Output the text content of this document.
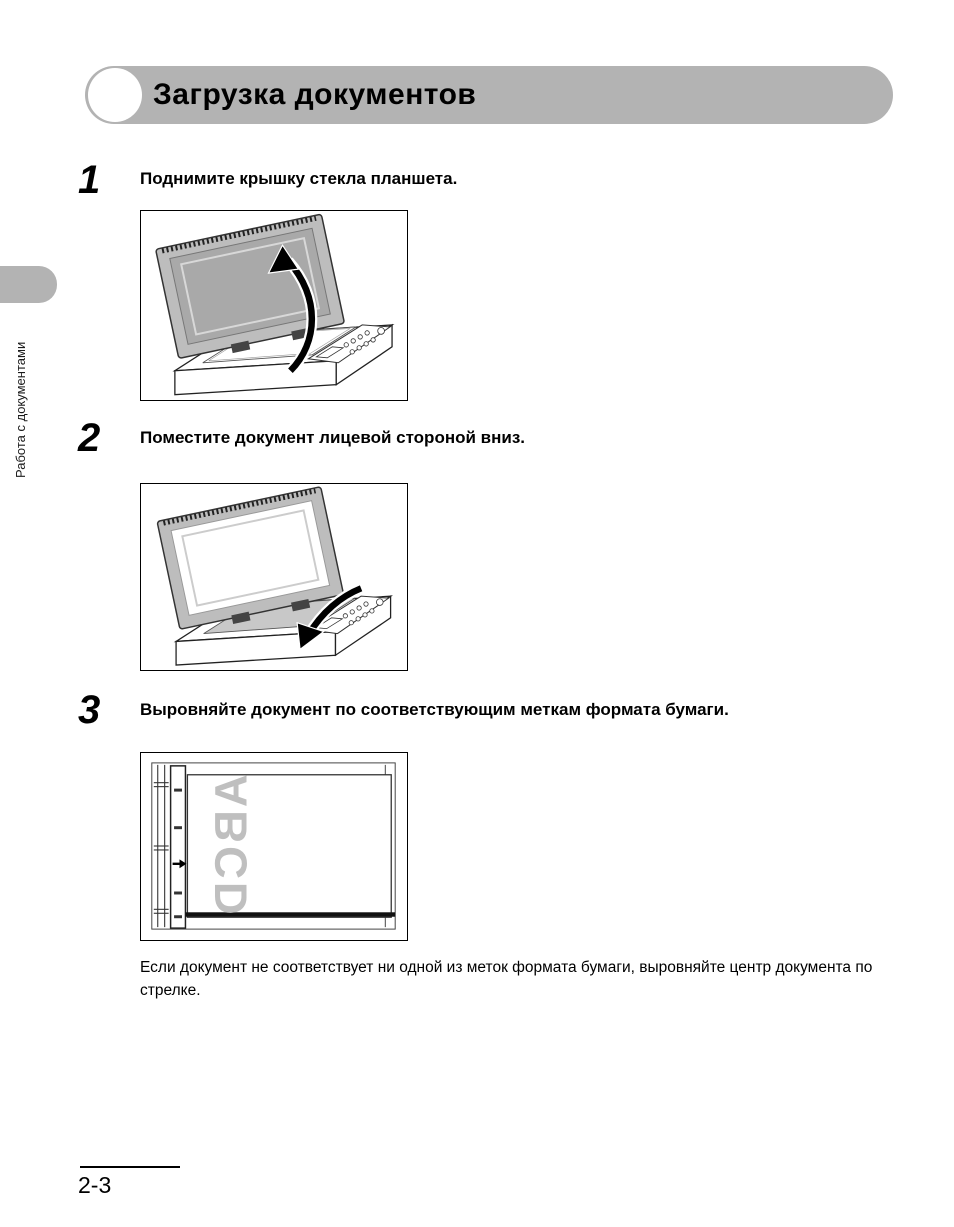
Загрузка документов
Работа с документами
1	Поднимите крышку стекла планшета.
2	Поместите документ лицевой стороной вниз.
3	Выровняйте документ по соответствующим меткам формата бумаги.
ABCD
Если документ не соответствует ни одной из меток формата бумаги, выровняйте центр документа по стрелке.
2-3
